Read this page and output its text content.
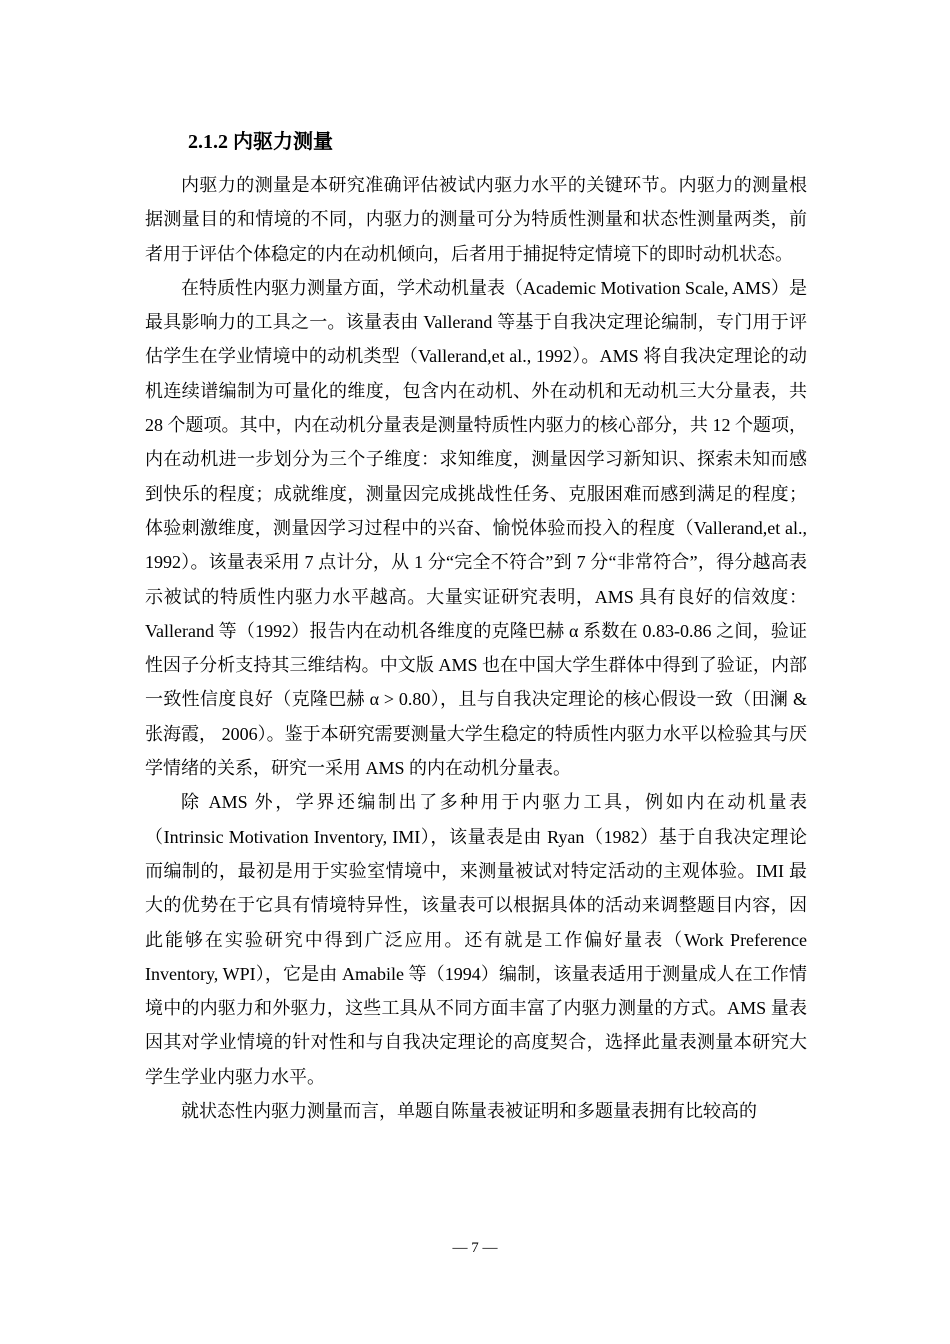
2.1.2 内驱力测量

内驱力的测量是本研究准确评估被试内驱力水平的关键环节。内驱力的测量根据测量目的和情境的不同，内驱力的测量可分为特质性测量和状态性测量两类，前者用于评估个体稳定的内在动机倾向，后者用于捕捉特定情境下的即时动机状态。

在特质性内驱力测量方面，学术动机量表（Academic Motivation Scale, AMS）是最具影响力的工具之一。该量表由 Vallerand 等基于自我决定理论编制，专门用于评估学生在学业情境中的动机类型（Vallerand,et al., 1992）。AMS 将自我决定理论的动机连续谱编制为可量化的维度，包含内在动机、外在动机和无动机三大分量表，共 28 个题项。其中，内在动机分量表是测量特质性内驱力的核心部分，共 12 个题项，内在动机进一步划分为三个子维度：求知维度，测量因学习新知识、探索未知而感到快乐的程度；成就维度，测量因完成挑战性任务、克服困难而感到满足的程度；体验刺激维度，测量因学习过程中的兴奋、愉悦体验而投入的程度（Vallerand,et al., 1992）。该量表采用 7 点计分，从 1 分“完全不符合”到 7 分“非常符合”，得分越高表示被试的特质性内驱力水平越高。大量实证研究表明，AMS 具有良好的信效度：Vallerand 等（1992）报告内在动机各维度的克隆巴赫 α 系数在 0.83-0.86 之间，验证性因子分析支持其三维结构。中文版 AMS 也在中国大学生群体中得到了验证，内部一致性信度良好（克隆巴赫 α > 0.80），且与自我决定理论的核心假设一致（田澜 & 张海霞， 2006）。鉴于本研究需要测量大学生稳定的特质性内驱力水平以检验其与厌学情绪的关系，研究一采用 AMS 的内在动机分量表。

除 AMS 外，学界还编制出了多种用于内驱力工具，例如内在动机量表（Intrinsic Motivation Inventory, IMI），该量表是由 Ryan（1982）基于自我决定理论而编制的，最初是用于实验室情境中，来测量被试对特定活动的主观体验。IMI 最大的优势在于它具有情境特异性，该量表可以根据具体的活动来调整题目内容，因此能够在实验研究中得到广泛应用。还有就是工作偏好量表（Work Preference Inventory, WPI），它是由 Amabile 等（1994）编制，该量表适用于测量成人在工作情境中的内驱力和外驱力，这些工具从不同方面丰富了内驱力测量的方式。AMS 量表因其对学业情境的针对性和与自我决定理论的高度契合，选择此量表测量本研究大学生学业内驱力水平。

就状态性内驱力测量而言，单题自陈量表被证明和多题量表拥有比较高的

— 7 —
